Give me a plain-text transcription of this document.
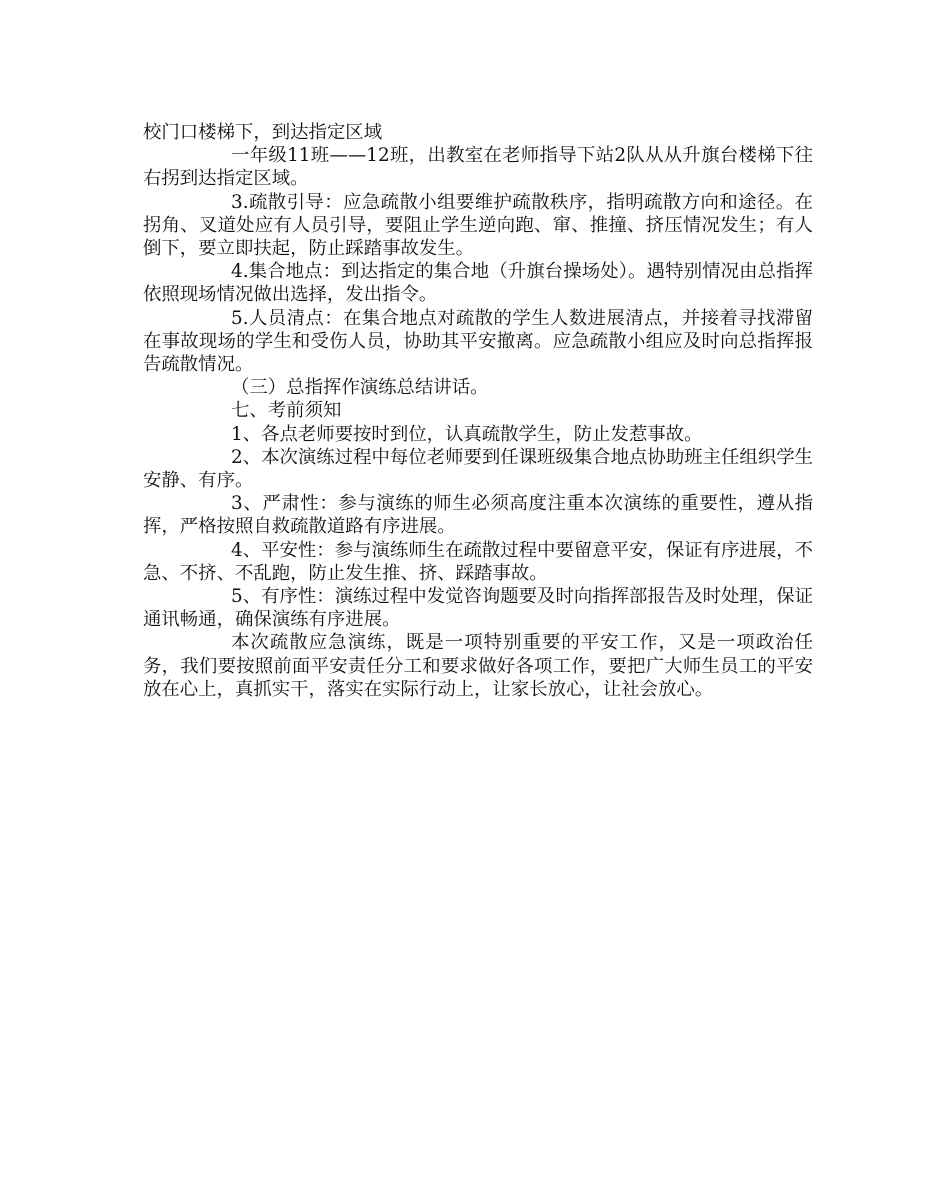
校门口楼梯下，到达指定区域

一年级11班——12班，出教室在老师指导下站2队从从升旗台楼梯下往右拐到达指定区域。

3.疏散引导：应急疏散小组要维护疏散秩序，指明疏散方向和途径。在拐角、叉道处应有人员引导，要阻止学生逆向跑、窜、推撞、挤压情况发生；有人倒下，要立即扶起，防止踩踏事故发生。

4.集合地点：到达指定的集合地（升旗台操场处）。遇特别情况由总指挥依照现场情况做出选择，发出指令。

5.人员清点：在集合地点对疏散的学生人数进展清点，并接着寻找滞留在事故现场的学生和受伤人员，协助其平安撤离。应急疏散小组应及时向总指挥报告疏散情况。

（三）总指挥作演练总结讲话。

七、考前须知

1、各点老师要按时到位，认真疏散学生，防止发惹事故。

2、本次演练过程中每位老师要到任课班级集合地点协助班主任组织学生安静、有序。

3、严肃性：参与演练的师生必须高度注重本次演练的重要性，遵从指挥，严格按照自救疏散道路有序进展。

4、平安性：参与演练师生在疏散过程中要留意平安，保证有序进展，不急、不挤、不乱跑，防止发生推、挤、踩踏事故。

5、有序性：演练过程中发觉咨询题要及时向指挥部报告及时处理，保证通讯畅通，确保演练有序进展。

本次疏散应急演练，既是一项特别重要的平安工作，又是一项政治任务，我们要按照前面平安责任分工和要求做好各项工作，要把广大师生员工的平安放在心上，真抓实干，落实在实际行动上，让家长放心，让社会放心。
